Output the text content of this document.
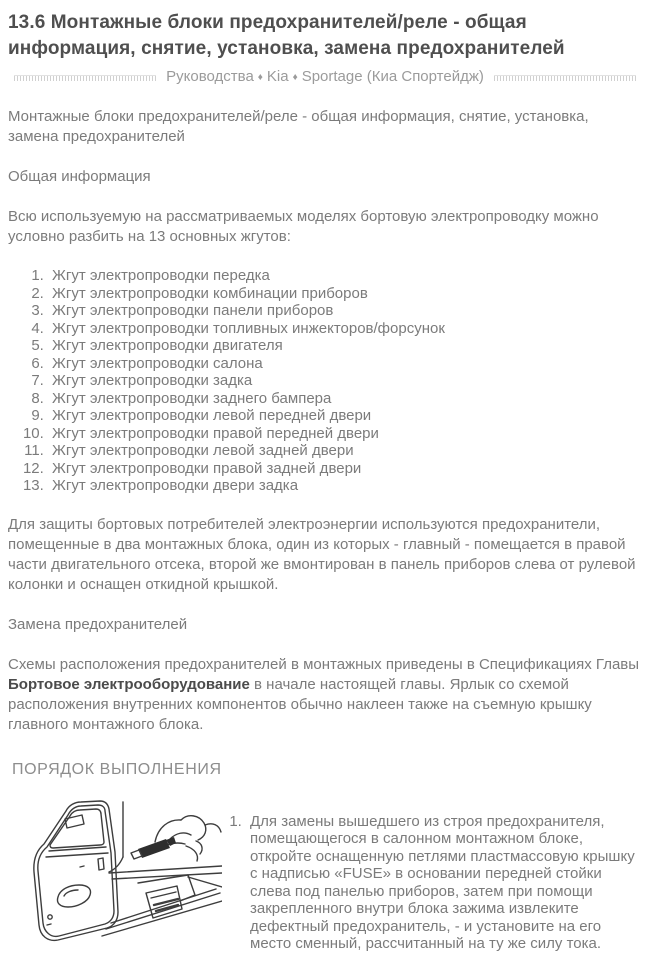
13.6 Монтажные блоки предохранителей/реле - общая информация, снятие, установка, замена предохранителей
Руководства ♦ Kia ♦ Sportage (Киа Спортейдж)

Монтажные блоки предохранителей/реле - общая информация, снятие, установка, замена предохранителей

Общая информация

Всю используемую на рассматриваемых моделях бортовую электропроводку можно условно разбить на 13 основных жгутов:

1. Жгут электропроводки передка
2. Жгут электропроводки комбинации приборов
3. Жгут электропроводки панели приборов
4. Жгут электропроводки топливных инжекторов/форсунок
5. Жгут электропроводки двигателя
6. Жгут электропроводки салона
7. Жгут электропроводки задка
8. Жгут электропроводки заднего бампера
9. Жгут электропроводки левой передней двери
10. Жгут электропроводки правой передней двери
11. Жгут электропроводки левой задней двери
12. Жгут электропроводки правой задней двери
13. Жгут электропроводки двери задка

Для защиты бортовых потребителей электроэнергии используются предохранители, помещенные в два монтажных блока, один из которых - главный - помещается в правой части двигательного отсека, второй же вмонтирован в панель приборов слева от рулевой колонки и оснащен откидной крышкой.

Замена предохранителей

Схемы расположения предохранителей в монтажных приведены в Спецификациях Главы Бортовое электрооборудование в начале настоящей главы. Ярлык со схемой расположения внутренних компонентов обычно наклеен также на съемную крышку главного монтажного блока.

ПОРЯДОК ВЫПОЛНЕНИЯ
1. Для замены вышедшего из строя предохранителя, помещающегося в салонном монтажном блоке, откройте оснащенную петлями пластмассовую крышку с надписью «FUSE» в основании передней стойки слева под панелью приборов, затем при помощи закрепленного внутри блока зажима извлеките дефектный предохранитель, - и установите на его место сменный, рассчитанный на ту же силу тока.
